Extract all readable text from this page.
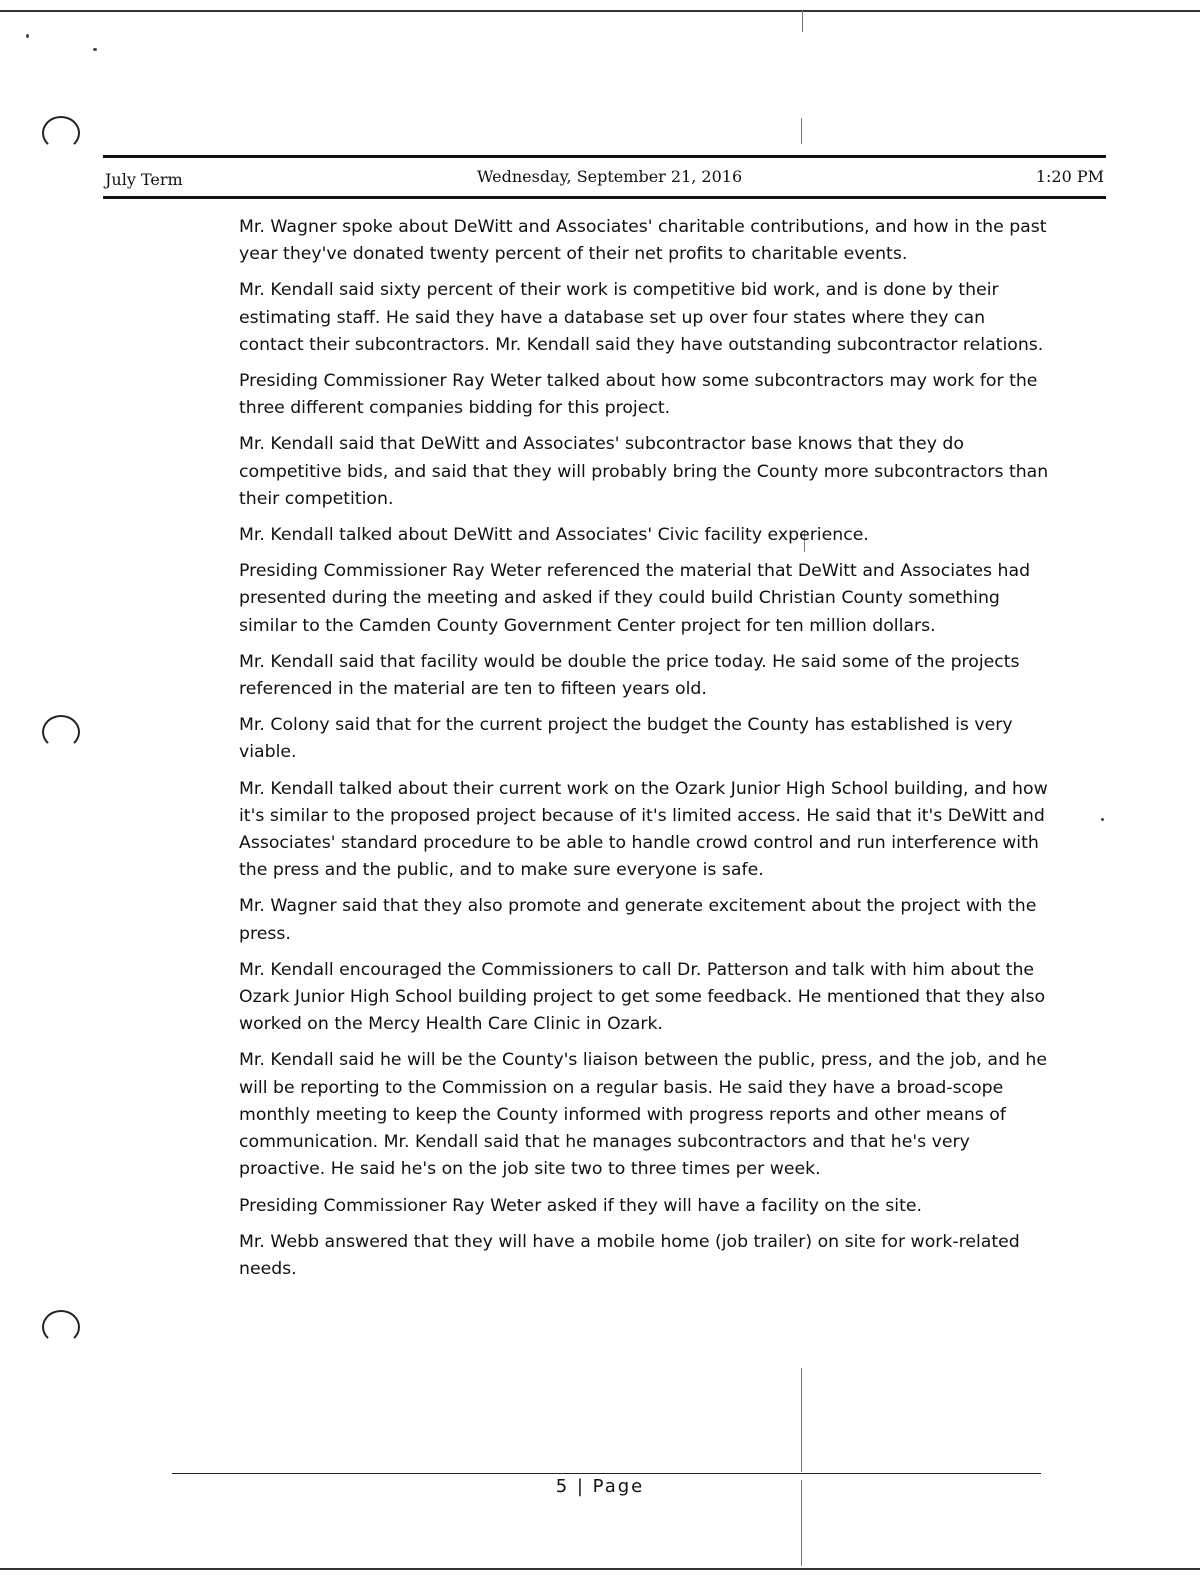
July Term	Wednesday, September 21, 2016	1:20 PM

Mr. Wagner spoke about DeWitt and Associates' charitable contributions, and how in the past year they've donated twenty percent of their net profits to charitable events.

Mr. Kendall said sixty percent of their work is competitive bid work, and is done by their estimating staff. He said they have a database set up over four states where they can contact their subcontractors. Mr. Kendall said they have outstanding subcontractor relations.

Presiding Commissioner Ray Weter talked about how some subcontractors may work for the three different companies bidding for this project.

Mr. Kendall said that DeWitt and Associates' subcontractor base knows that they do competitive bids, and said that they will probably bring the County more subcontractors than their competition.

Mr. Kendall talked about DeWitt and Associates' Civic facility experience.

Presiding Commissioner Ray Weter referenced the material that DeWitt and Associates had presented during the meeting and asked if they could build Christian County something similar to the Camden County Government Center project for ten million dollars.

Mr. Kendall said that facility would be double the price today. He said some of the projects referenced in the material are ten to fifteen years old.

Mr. Colony said that for the current project the budget the County has established is very viable.

Mr. Kendall talked about their current work on the Ozark Junior High School building, and how it's similar to the proposed project because of it's limited access. He said that it's DeWitt and Associates' standard procedure to be able to handle crowd control and run interference with the press and the public, and to make sure everyone is safe.

Mr. Wagner said that they also promote and generate excitement about the project with the press.

Mr. Kendall encouraged the Commissioners to call Dr. Patterson and talk with him about the Ozark Junior High School building project to get some feedback. He mentioned that they also worked on the Mercy Health Care Clinic in Ozark.

Mr. Kendall said he will be the County's liaison between the public, press, and the job, and he will be reporting to the Commission on a regular basis. He said they have a broad-scope monthly meeting to keep the County informed with progress reports and other means of communication. Mr. Kendall said that he manages subcontractors and that he's very proactive. He said he's on the job site two to three times per week.

Presiding Commissioner Ray Weter asked if they will have a facility on the site.

Mr. Webb answered that they will have a mobile home (job trailer) on site for work-related needs.

5 | Page
